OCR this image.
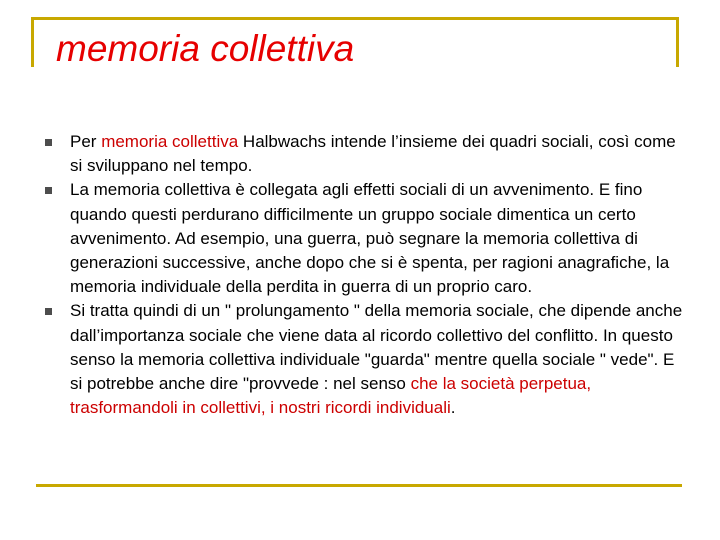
memoria collettiva
Per memoria collettiva Halbwachs intende l’insieme dei quadri sociali, così come si sviluppano nel tempo.
La memoria collettiva è collegata agli effetti sociali di un avvenimento. E fino quando questi perdurano difficilmente un gruppo sociale dimentica un certo avvenimento. Ad esempio, una guerra, può segnare la memoria collettiva di generazioni successive, anche dopo che si è spenta, per ragioni anagrafiche, la memoria individuale della perdita in guerra di un proprio caro.
Si tratta quindi di un " prolungamento " della memoria sociale, che dipende anche dall’importanza sociale che viene data al ricordo collettivo del conflitto. In questo senso la memoria collettiva individuale "guarda" mentre quella sociale " vede". E si potrebbe anche dire "provvede : nel senso che la società perpetua, trasformandoli in collettivi, i nostri ricordi individuali.
